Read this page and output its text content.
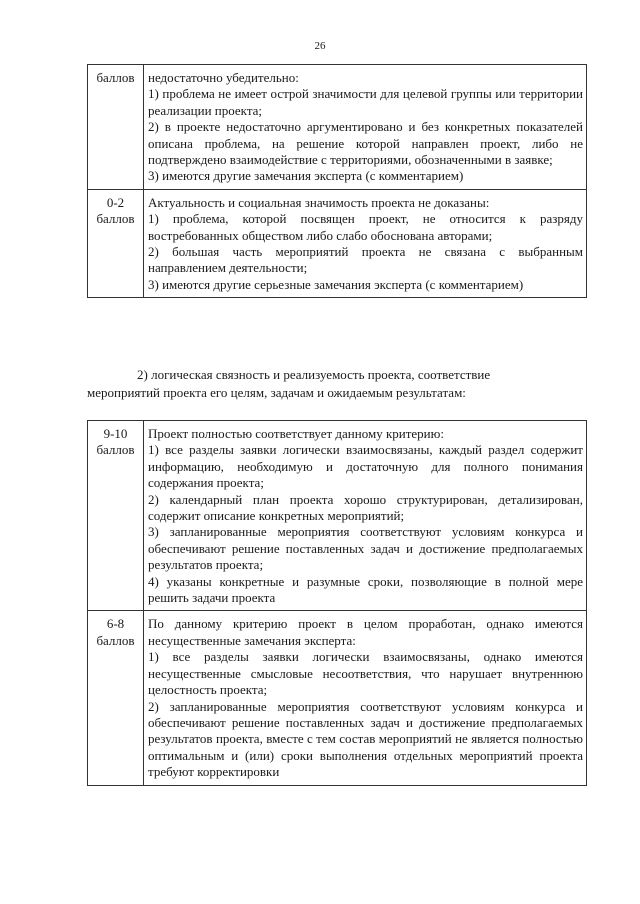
26
баллов	недостаточно убедительно:
1) проблема не имеет острой значимости для целевой группы или территории реализации проекта;
2) в проекте недостаточно аргументировано и без конкретных показателей описана проблема, на решение которой направлен проект, либо не подтверждено взаимодействие с территориями, обозначенными в заявке;
3) имеются другие замечания эксперта (с комментарием)

0-2
баллов	Актуальность и социальная значимость проекта не доказаны:
1) проблема, которой посвящен проект, не относится к разряду востребованных обществом либо слабо обоснована авторами;
2) большая часть мероприятий проекта не связана с выбранным направлением деятельности;
3) имеются другие серьезные замечания эксперта (с комментарием)
2) логическая связность и реализуемость проекта, соответствие
мероприятий проекта его целям, задачам и ожидаемым результатам:
9-10
баллов	Проект полностью соответствует данному критерию:
1) все разделы заявки логически взаимосвязаны, каждый раздел содержит информацию, необходимую и достаточную для полного понимания содержания проекта;
2) календарный план проекта хорошо структурирован, детализирован, содержит описание конкретных мероприятий;
3) запланированные мероприятия соответствуют условиям конкурса и обеспечивают решение поставленных задач и достижение предполагаемых результатов проекта;
4) указаны конкретные и разумные сроки, позволяющие в полной мере решить задачи проекта

6-8
баллов	По данному критерию проект в целом проработан, однако имеются несущественные замечания эксперта:
1) все разделы заявки логически взаимосвязаны, однако имеются несущественные смысловые несоответствия, что нарушает внутреннюю целостность проекта;
2) запланированные мероприятия соответствуют условиям конкурса и обеспечивают решение поставленных задач и достижение предполагаемых результатов проекта, вместе с тем состав мероприятий не является полностью оптимальным и (или) сроки выполнения отдельных мероприятий проекта требуют корректировки
